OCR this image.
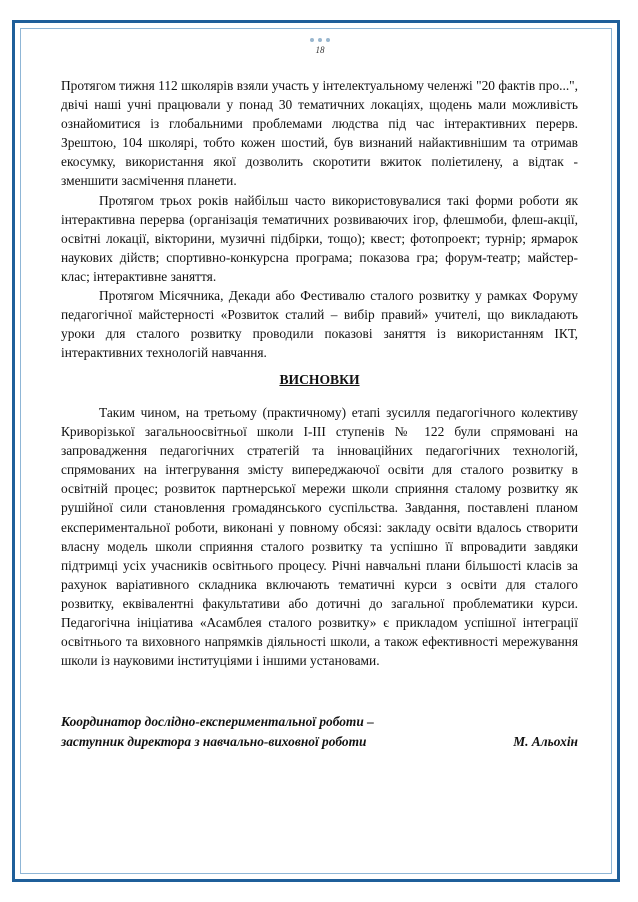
18

Протягом тижня 112 школярів взяли участь у інтелектуальному челенжі "20 фактів про...", двічі наші учні працювали у понад 30 тематичних локаціях, щодень мали можливість ознайомитися із глобальними проблемами людства під час інтерактивних перерв. Зрештою, 104 школярі, тобто кожен шостий, був визнаний найактивнішим та отримав екосумку, використання якої дозволить скоротити вжиток поліетилену, а відтак - зменшити засмічення планети.

Протягом трьох років найбільш часто використовувалися такі форми роботи як інтерактивна перерва (організація тематичних розвиваючих ігор, флешмоби, флеш-акції, освітні локації, вікторини, музичні підбірки, тощо); квест; фотопроект; турнір; ярмарок наукових дійств; спортивно-конкурсна програма; показова гра; форум-театр; майстер-клас; інтерактивне заняття.

Протягом Місячника, Декади або Фестивалю сталого розвитку у рамках Форуму педагогічної майстерності «Розвиток сталий – вибір правий» учителі, що викладають уроки для сталого розвитку проводили показові заняття із використанням ІКТ, інтерактивних технологій навчання.

ВИСНОВКИ

Таким чином, на третьому (практичному) етапі зусилля педагогічного колективу Криворізької загальноосвітньої школи І-ІІІ ступенів № 122 були спрямовані на запровадження педагогічних стратегій та інноваційних педагогічних технологій, спрямованих на інтегрування змісту випереджаючої освіти для сталого розвитку в освітній процес; розвиток партнерської мережи школи сприяння сталому розвитку як рушійної сили становлення громадянського суспільства. Завдання, поставлені планом експериментальної роботи, виконані у повному обсязі: закладу освіти вдалось створити власну модель школи сприяння сталого розвитку та успішно її впровадити завдяки підтримці усіх учасників освітнього процесу. Річні навчальні плани більшості класів за рахунок варіативного складника включають тематичні курси з освіти для сталого розвитку, еквівалентні факультативи або дотичні до загальної проблематики курси. Педагогічна ініціатива «Асамблея сталого розвитку» є прикладом успішної інтеграції освітнього та виховного напрямків діяльності школи, а також ефективності мережування школи із науковими інституціями і іншими установами.

Координатор дослідно-експериментальної роботи –
заступник директора з навчально-виховної роботи	М. Альохін
